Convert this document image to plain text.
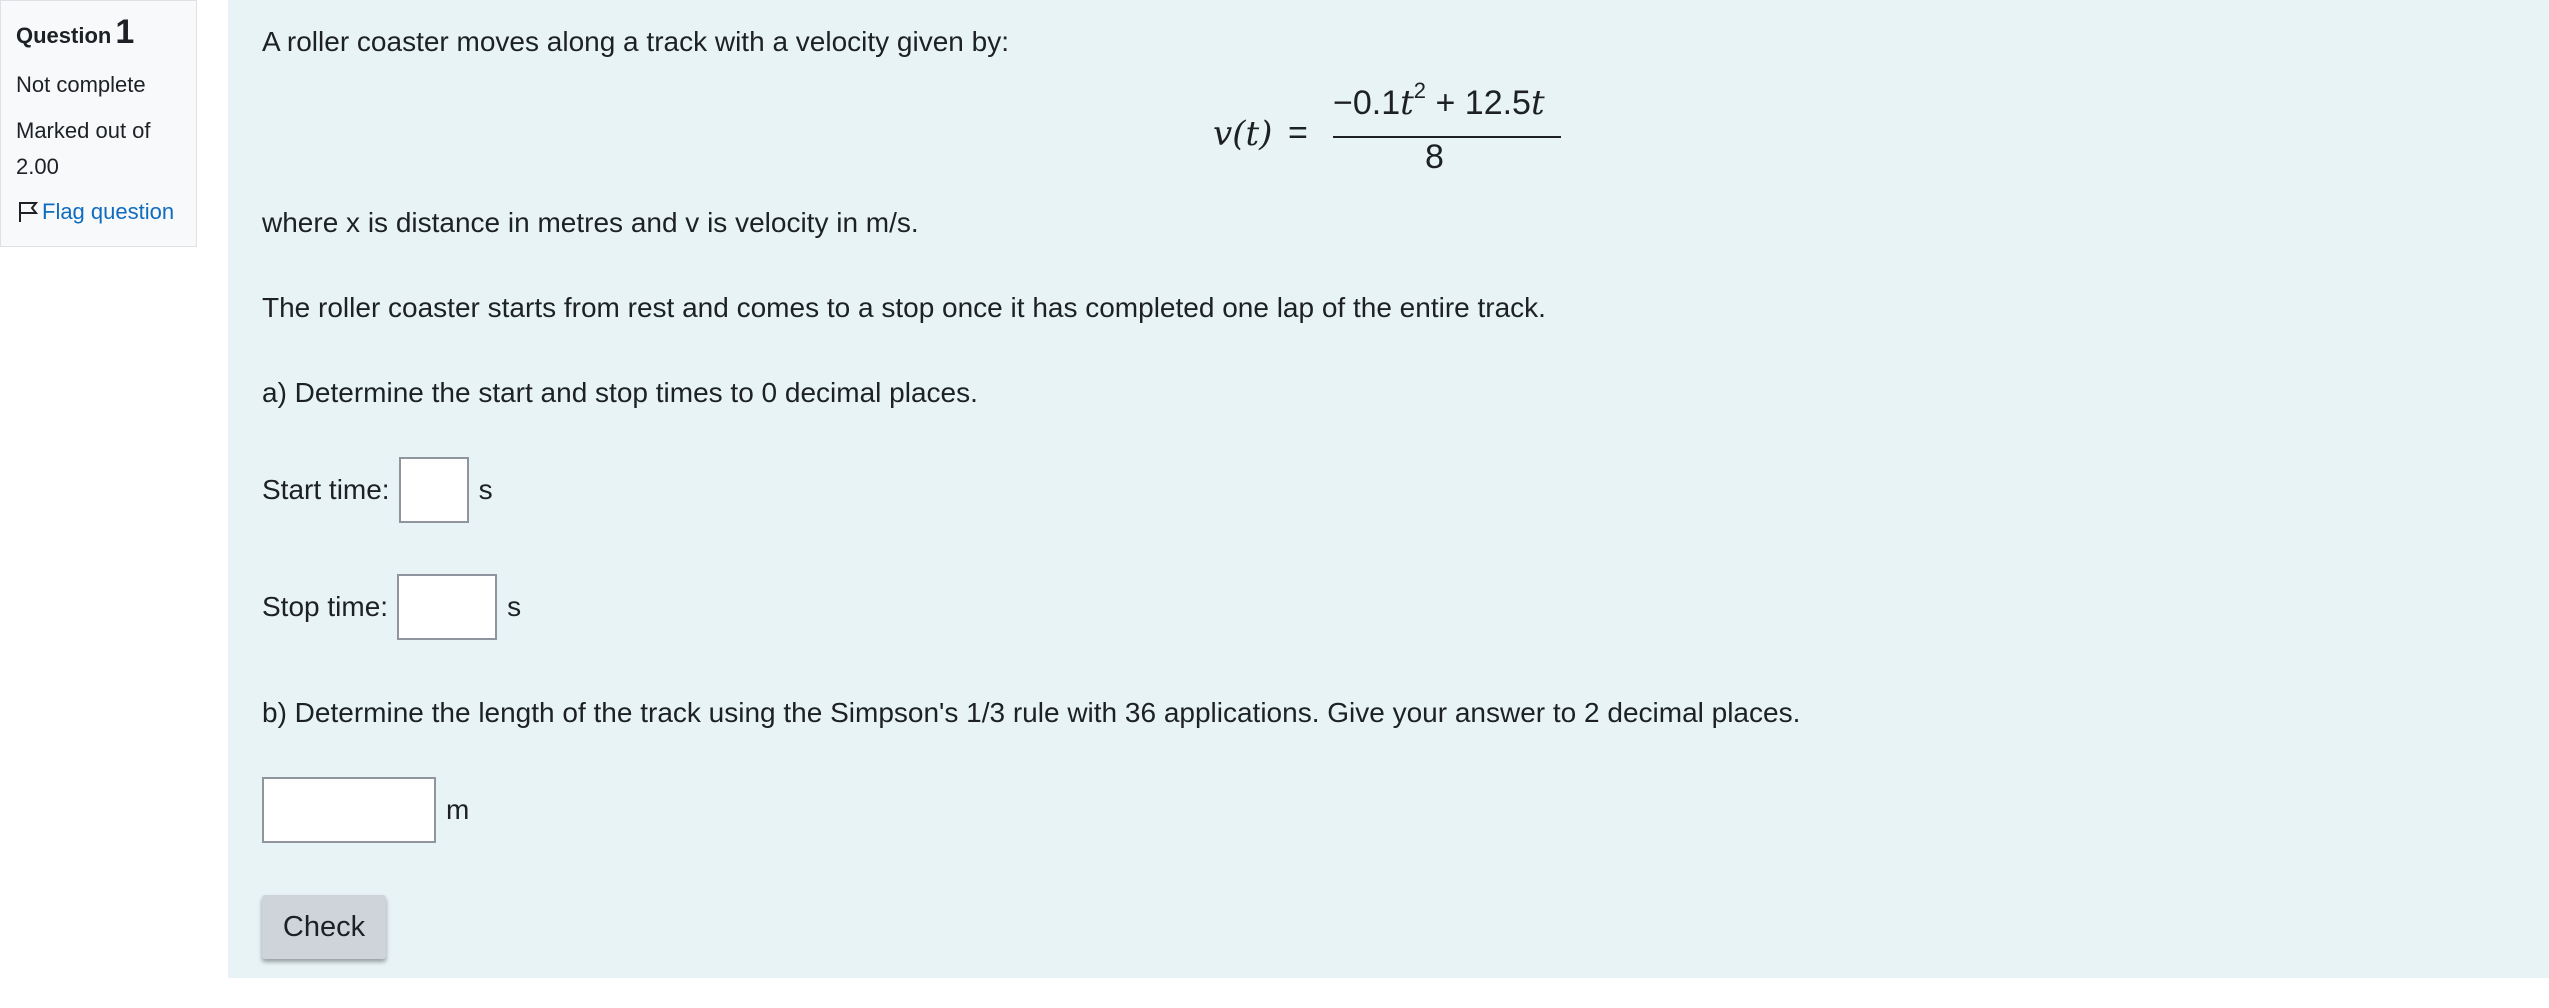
Question 1

Not complete

Marked out of

2.00

Flag question

A roller coaster moves along a track with a velocity given by:

v(t) =
$-0.1t^2 + 12.5t$
8

where x is distance in metres and v is velocity in m/s.

The roller coaster starts from rest and comes to a stop once it has completed one lap of the entire track.

a) Determine the start and stop times to 0 decimal places.

Start time:	s
Stop time:	s

b) Determine the length of the track using the Simpson's 1/3 rule with 36 applications. Give your answer to 2 decimal places.

m
Check
